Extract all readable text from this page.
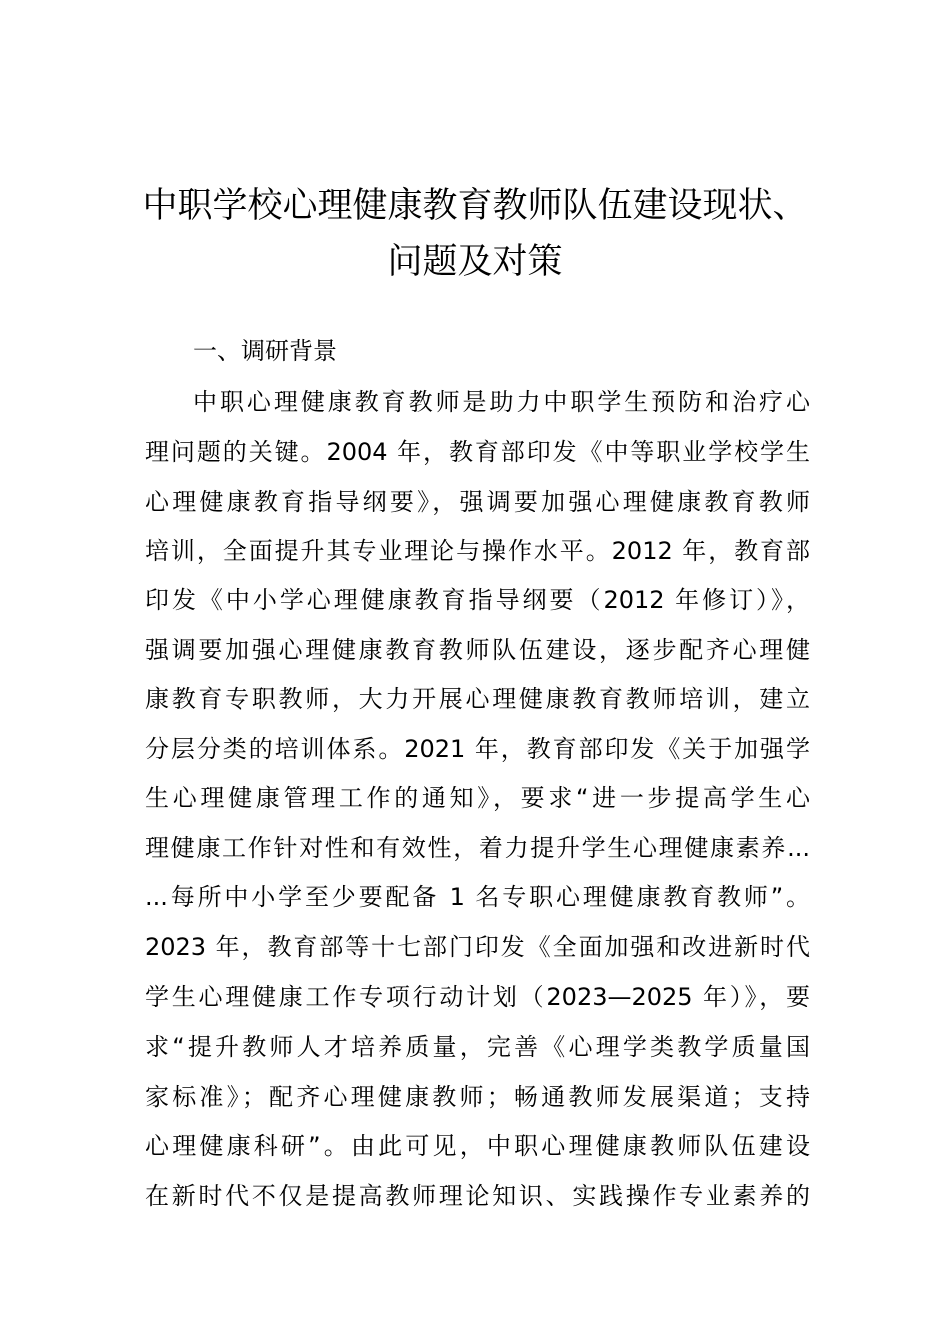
中职学校心理健康教育教师队伍建设现状、
问题及对策
一、调研背景
中职心理健康教育教师是助力中职学生预防和治疗心
理问题的关键。2004 年，教育部印发《中等职业学校学生
心理健康教育指导纲要》，强调要加强心理健康教育教师
培训，全面提升其专业理论与操作水平。2012 年，教育部
印发《中小学心理健康教育指导纲要（2012 年修订）》，
强调要加强心理健康教育教师队伍建设，逐步配齐心理健
康教育专职教师，大力开展心理健康教育教师培训，建立
分层分类的培训体系。2021 年，教育部印发《关于加强学
生心理健康管理工作的通知》，要求“进一步提高学生心
理健康工作针对性和有效性，着力提升学生心理健康素养...
...每所中小学至少要配备 1 名专职心理健康教育教师”。
2023 年，教育部等十七部门印发《全面加强和改进新时代
学生心理健康工作专项行动计划（2023—2025 年）》，要
求“提升教师人才培养质量，完善《心理学类教学质量国
家标准》；配齐心理健康教师；畅通教师发展渠道；支持
心理健康科研”。由此可见，中职心理健康教师队伍建设
在新时代不仅是提高教师理论知识、实践操作专业素养的
